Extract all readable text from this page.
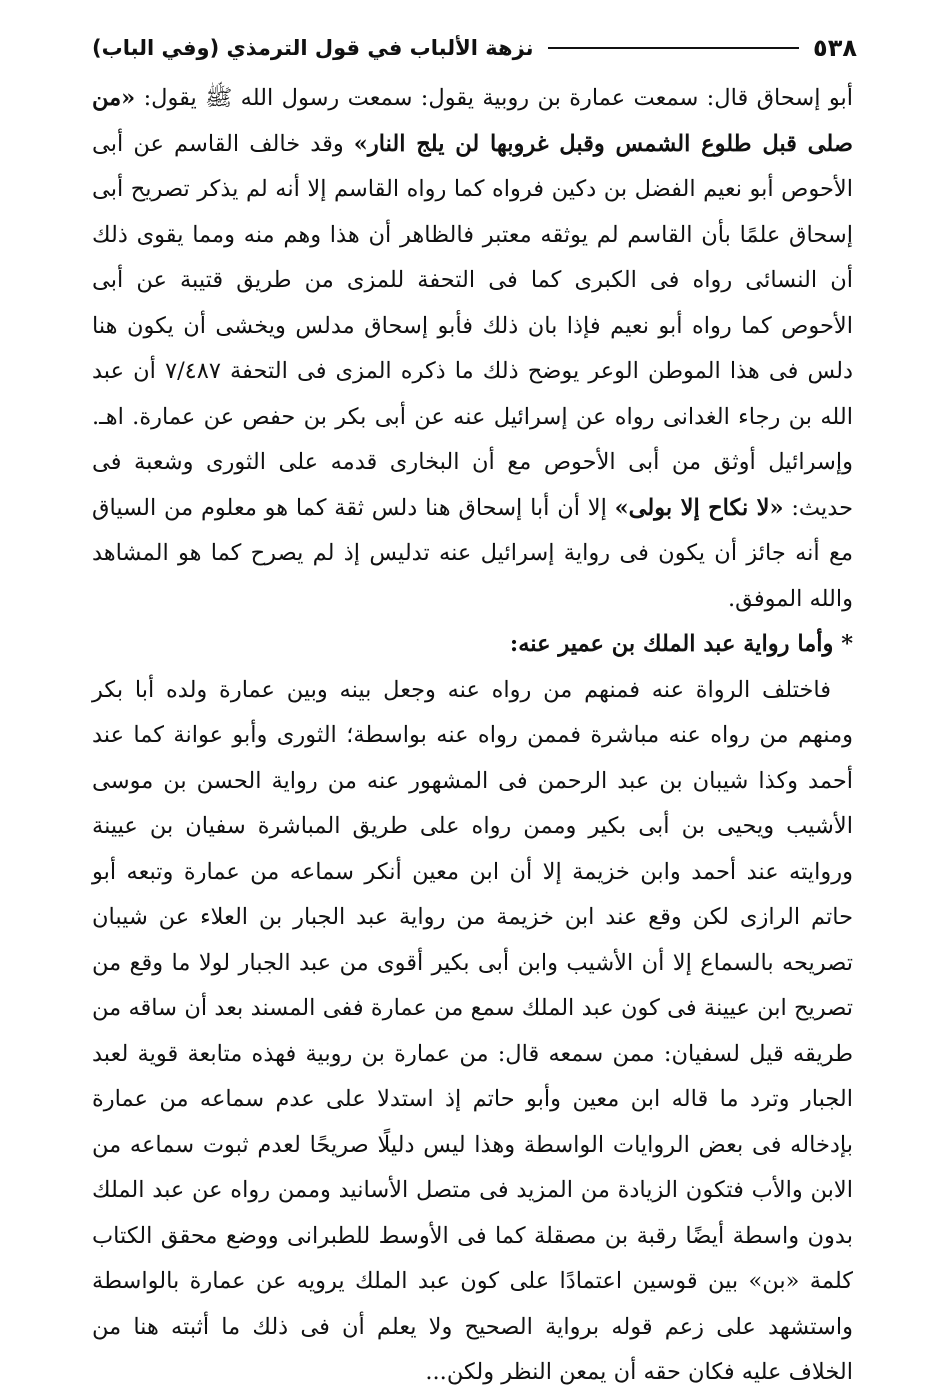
٥٣٨
نزهة الألباب في قول الترمذي (وفي الباب)

أبو إسحاق قال: سمعت عمارة بن روبية يقول: سمعت رسول الله ﷺ يقول: «من صلى قبل طلوع الشمس وقبل غروبها لن يلج النار» وقد خالف القاسم عن أبى الأحوص أبو نعيم الفضل بن دكين فرواه كما رواه القاسم إلا أنه لم يذكر تصريح أبى إسحاق علمًا بأن القاسم لم يوثقه معتبر فالظاهر أن هذا وهم منه ومما يقوى ذلك أن النسائى رواه فى الكبرى كما فى التحفة للمزى من طريق قتيبة عن أبى الأحوص كما رواه أبو نعيم فإذا بان ذلك فأبو إسحاق مدلس ويخشى أن يكون هنا دلس فى هذا الموطن الوعر يوضح ذلك ما ذكره المزى فى التحفة ٧/٤٨٧ أن عبد الله بن رجاء الغدانى رواه عن إسرائيل عنه عن أبى بكر بن حفص عن عمارة. اهـ. وإسرائيل أوثق من أبى الأحوص مع أن البخارى قدمه على الثورى وشعبة فى حديث: «لا نكاح إلا بولى» إلا أن أبا إسحاق هنا دلس ثقة كما هو معلوم من السياق مع أنه جائز أن يكون فى رواية إسرائيل عنه تدليس إذ لم يصرح كما هو المشاهد والله الموفق.

* وأما رواية عبد الملك بن عمير عنه:

فاختلف الرواة عنه فمنهم من رواه عنه وجعل بينه وبين عمارة ولده أبا بكر ومنهم من رواه عنه مباشرة فممن رواه عنه بواسطة؛ الثورى وأبو عوانة كما عند أحمد وكذا شيبان بن عبد الرحمن فى المشهور عنه من رواية الحسن بن موسى الأشيب ويحيى بن أبى بكير وممن رواه على طريق المباشرة سفيان بن عيينة وروايته عند أحمد وابن خزيمة إلا أن ابن معين أنكر سماعه من عمارة وتبعه أبو حاتم الرازى لكن وقع عند ابن خزيمة من رواية عبد الجبار بن العلاء عن شيبان تصريحه بالسماع إلا أن الأشيب وابن أبى بكير أقوى من عبد الجبار لولا ما وقع من تصريح ابن عيينة فى كون عبد الملك سمع من عمارة ففى المسند بعد أن ساقه من طريقه قيل لسفيان: ممن سمعه قال: من عمارة بن روبية فهذه متابعة قوية لعبد الجبار وترد ما قاله ابن معين وأبو حاتم إذ استدلا على عدم سماعه من عمارة بإدخاله فى بعض الروايات الواسطة وهذا ليس دليلًا صريحًا لعدم ثبوت سماعه من الابن والأب فتكون الزيادة من المزيد فى متصل الأسانيد وممن رواه عن عبد الملك بدون واسطة أيضًا رقبة بن مصقلة كما فى الأوسط للطبرانى ووضع محقق الكتاب كلمة «بن» بين قوسين اعتمادًا على كون عبد الملك يرويه عن عمارة بالواسطة واستشهد على زعم قوله برواية الصحيح ولا يعلم أن فى ذلك ما أثبته هنا من الخلاف عليه فكان حقه أن يمعن النظر ولكن...
